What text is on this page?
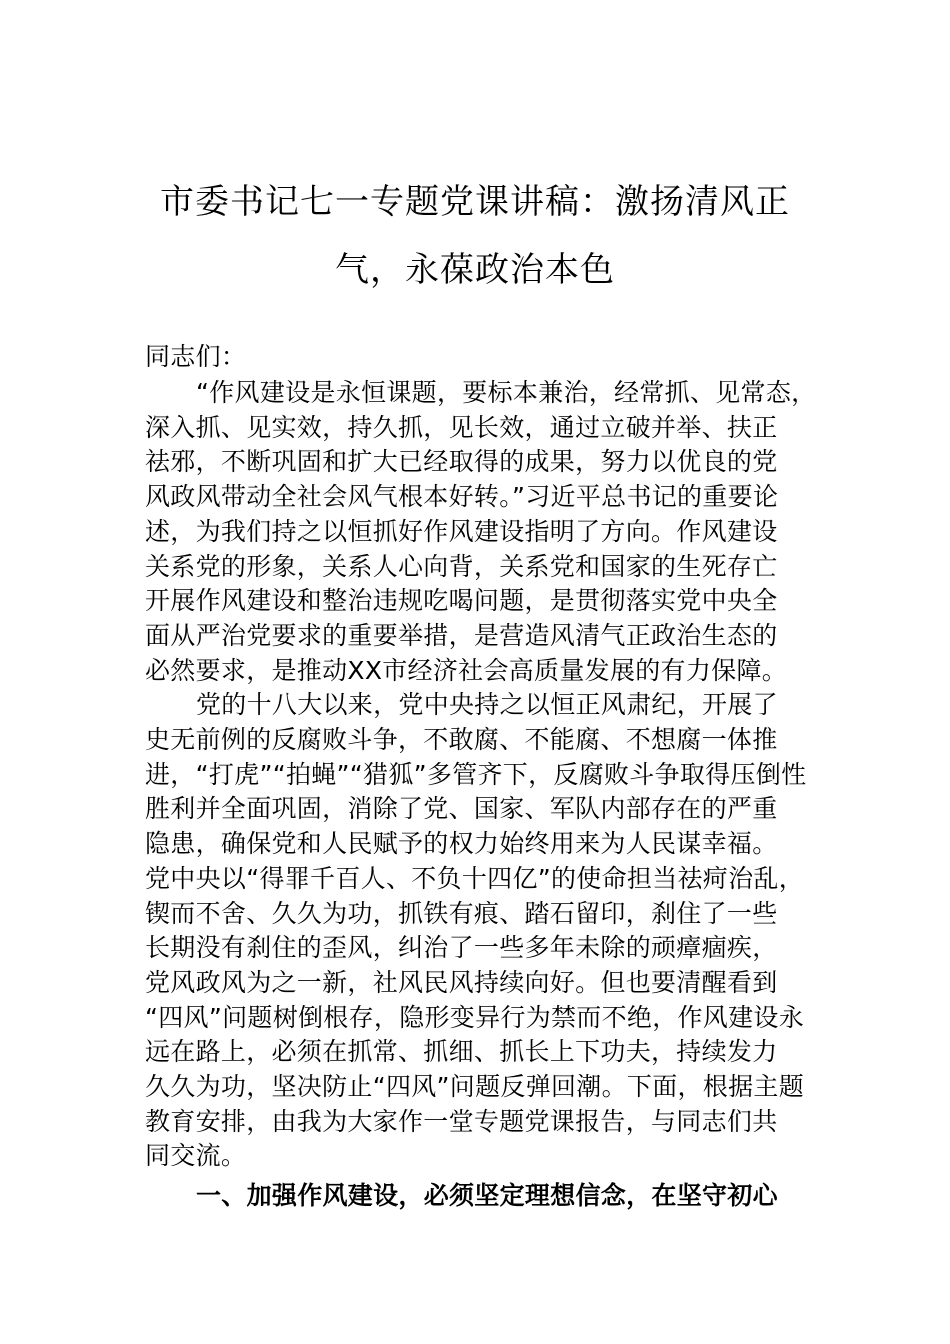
市委书记七一专题党课讲稿：激扬清风正
气，永葆政治本色
同志们：
“作风建设是永恒课题，要标本兼治，经常抓、见常态，
深入抓、见实效，持久抓，见长效，通过立破并举、扶正
祛邪，不断巩固和扩大已经取得的成果，努力以优良的党
风政风带动全社会风气根本好转。”习近平总书记的重要论
述，为我们持之以恒抓好作风建设指明了方向。作风建设
关系党的形象，关系人心向背，关系党和国家的生死存亡
开展作风建设和整治违规吃喝问题，是贯彻落实党中央全
面从严治党要求的重要举措，是营造风清气正政治生态的
必然要求，是推动XX市经济社会高质量发展的有力保障。
党的十八大以来，党中央持之以恒正风肃纪，开展了
史无前例的反腐败斗争，不敢腐、不能腐、不想腐一体推
进，“打虎”“拍蝇”“猎狐”多管齐下，反腐败斗争取得压倒性
胜利并全面巩固，消除了党、国家、军队内部存在的严重
隐患，确保党和人民赋予的权力始终用来为人民谋幸福。
党中央以“得罪千百人、不负十四亿”的使命担当祛疴治乱，
锲而不舍、久久为功，抓铁有痕、踏石留印，刹住了一些
长期没有刹住的歪风，纠治了一些多年未除的顽瘴痼疾，
党风政风为之一新，社风民风持续向好。但也要清醒看到
“四风”问题树倒根存，隐形变异行为禁而不绝，作风建设永
远在路上，必须在抓常、抓细、抓长上下功夫，持续发力
久久为功，坚决防止“四风”问题反弹回潮。下面，根据主题
教育安排，由我为大家作一堂专题党课报告，与同志们共
同交流。
一、加强作风建设，必须坚定理想信念，在坚守初心
